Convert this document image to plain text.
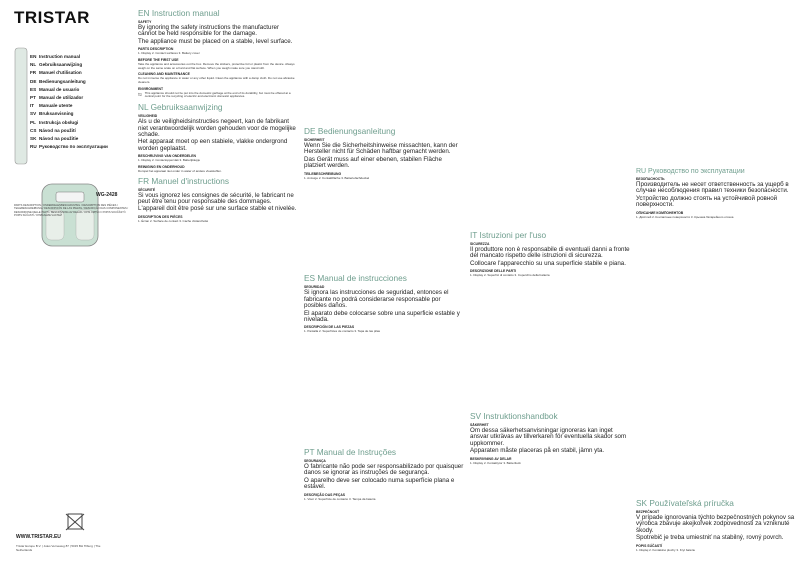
TRISTAR
EN Instruction manual
NL Gebruiksaanwijzing
FR Manuel d'utilisation
DE Bedienungsanleitung
ES Manual de usuario
PT Manual de utilizador
IT Manuale utente
SV Bruksanvisning
PL Instrukcja obsługi
CS Návod na použití
SK Návod na použitie
RU Руководство по эксплуатации
WG-2428
PARTS DESCRIPTION / ONDERDELENBESCHRIJVING / DESCRIPTION DES PIÈCES / TEILEBESCHREIBUNG / DESCRIPCIÓN DE LAS PIEZAS / DESCRIÇÃO DAS COMPONENTES / DESCRIZIONE DELLE PARTI / BESKRIVNING AV DELAR / OPIS CZĘŚCI / POPIS SOUČÁSTÍ / POPIS SÚČASTÍ / ОПИСАНИЕ ЧАСТЕЙ
WWW.TRISTAR.EU
Tristar Europe B.V. | Jules Verneweg 87 | 5015 BH Tilburg | The Netherlands
EN Instruction manual
SAFETY
By ignoring the safety instructions the manufacturer cannot be held responsible for the damage.
The appliance must be placed on a stable, level surface.
PARTS DESCRIPTION
1. Display 2. Contact surfaces 3. Battery cover
BEFORE THE FIRST USE
Take the appliance and accessories out the box. Remove the stickers, protective foil or plastic from the device. Always weigh on the same scale on a hard and flat surface. When you weigh make sure you stand still.
CLEANING AND MAINTENANCE
Do not immerse the appliance in water or any other liquid. Clean the appliance with a damp cloth. Do not use abrasive cleaners.
ENVIRONMENT
This appliance should not be put into the domestic garbage at the end of its durability, but must be offered at a central point for the recycling of electric and electronic domestic appliances.
NL Gebruiksaanwijzing
VEILIGHEID
Als u de veiligheidsinstructies negeert, kan de fabrikant niet verantwoordelijk worden gehouden voor de mogelijke schade.
Het apparaat moet op een stabiele, vlakke ondergrond worden geplaatst.
BESCHRIJVING VAN ONDERDELEN
1. Display 2. Contactoppervlak 3. Batterijklepje
REINIGING EN ONDERHOUD
Dompel het apparaat niet onder in water of andere vloeistoffen.
FR Manuel d'instructions
SÉCURITÉ
Si vous ignorez les consignes de sécurité, le fabricant ne peut être tenu pour responsable des dommages.
L'appareil doit être posé sur une surface stable et nivelée.
DESCRIPTION DES PIÈCES
1. Écran 2. Surface de contact 3. Cache d'étanchéité
DE Bedienungsanleitung
SICHERHEIT
Wenn Sie die Sicherheitshinweise missachten, kann der Hersteller nicht für Schäden haftbar gemacht werden.
Das Gerät muss auf einer ebenen, stabilen Fläche platziert werden.
TEILEBESCHREIBUNG
1. Anzeige 2. Kontaktfläche 3. Batteriefachdeckel
ES Manual de instrucciones
SEGURIDAD
Si ignora las instrucciones de seguridad, entonces el fabricante no podrá considerarse responsable por posibles daños.
El aparato debe colocarse sobre una superficie estable y nivelada.
DESCRIPCIÓN DE LAS PIEZAS
1. Pantalla 2. Superficies de contacto 3. Tapa de las pilas
PT Manual de Instruções
SEGURANÇA
O fabricante não pode ser responsabilizado por quaisquer danos se ignorar as instruções de segurança.
O aparelho deve ser colocado numa superfície plana e estável.
DESCRIÇÃO DAS PEÇAS
1. Visor 2. Superfície de contacto 3. Tampa da bateria
IT Istruzioni per l'uso
SICUREZZA
Il produttore non è responsabile di eventuali danni a fronte del mancato rispetto delle istruzioni di sicurezza.
Collocare l'apparecchio su una superficie stabile e piana.
DESCRIZIONE DELLE PARTI
1. Display 2. Superfici di contatto 3. Coperchio della batteria
SV Instruktionshandbok
SÄKERHET
Om dessa säkerhetsanvisningar ignoreras kan inget ansvar utkrävas av tillverkaren för eventuella skador som uppkommer.
Apparaten måste placeras på en stabil, jämn yta.
BESKRIVNING AV DELAR
1. Display 2. Kontaktytor 3. Batterilock
RU Руководство по эксплуатации
БЕЗОПАСНОСТЬ
Производитель не несет ответственность за ущерб в случае несоблюдения правил техники безопасности.
Устройство должно стоять на устойчивой ровной поверхности.
ОПИСАНИЕ КОМПОНЕНТОВ
1. Дисплей 2. Контактные поверхности 3. Крышка батарейного отсека
SK Používateľská príručka
BEZPEČNOSŤ
V prípade ignorovania týchto bezpečnostných pokynov sa výrobca zbavuje akejkoľvek zodpovednosti za vzniknuté škody.
Spotrebič je treba umiestniť na stabilný, rovný povrch.
POPIS SÚČASTÍ
1. Displej 2. Kontaktné plochy 3. Kryt batérie
